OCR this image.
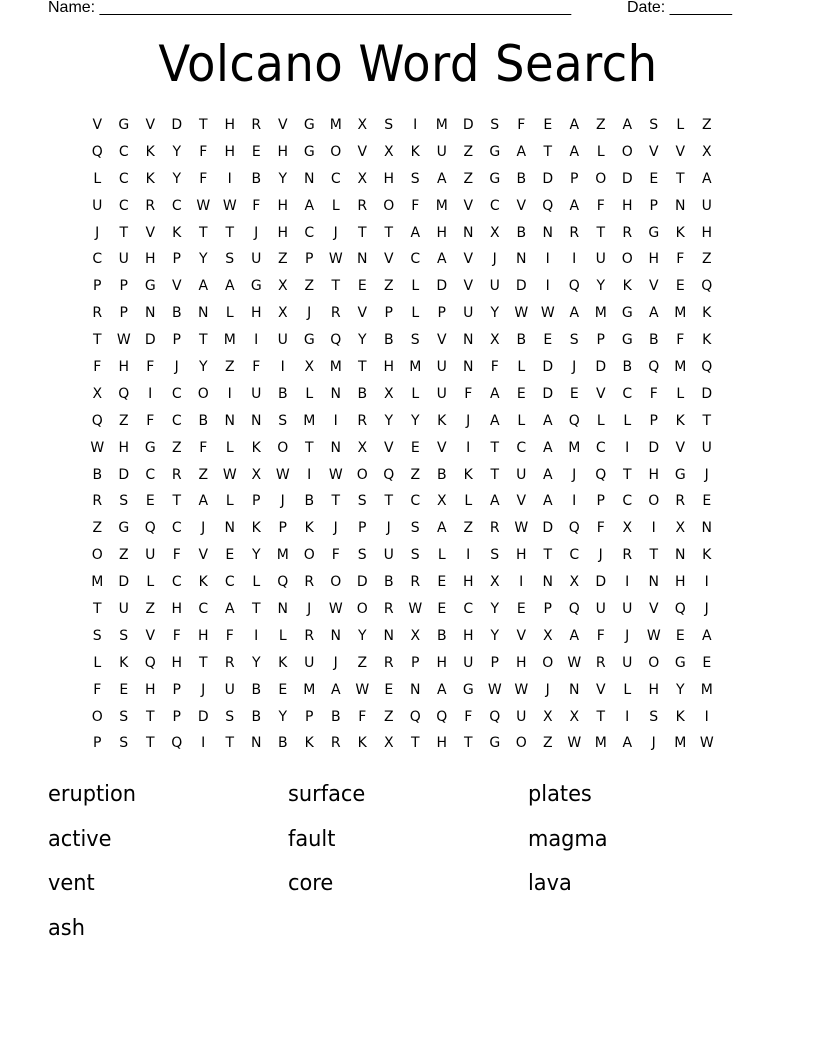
Name: _____________________________________________________	Date: _______
Volcano Word Search
V	G	V	D	T	H	R	V	G	M	X	S	I	M	D	S	F	E	A	Z	A	S	L	Z
Q	C	K	Y	F	H	E	H	G	O	V	X	K	U	Z	G	A	T	A	L	O	V	V	X
L	C	K	Y	F	I	B	Y	N	C	X	H	S	A	Z	G	B	D	P	O	D	E	T	A
U	C	R	C	W W	F	H	A	L	R	O	F	M	V	C	V	Q	A	F	H	P	N	U
J	T	V	K	T	T	J	H	C	J	T	T	A	H	N	X	B	N	R	T	R	G	K	H
C	U	H	P	Y	S	U	Z	P	W	N	V	C	A	V	J	N	I	I	U	O	H	F	Z
P	P	G	V	A	A	G	X	Z	T	E	Z	L	D	V	U	D	I	Q	Y	K	V	E	Q
R	P	N	B	N	L	H	X	J	R	V	P	L	P	U	Y	W W	A	M	G	A	M	K
T	W	D	P	T	M	I	U	G	Q	Y	B	S	V	N	X	B	E	S	P	G	B	F	K
F	H	F	J	Y	Z	F	I	X	M	T	H	M	U	N	F	L	D	J	D	B	Q	M	Q
X	Q	I	C	O	I	U	B	L	N	B	X	L	U	F	A	E	D	E	V	C	F	L	D
Q	Z	F	C	B	N	N	S	M	I	R	Y	Y	K	J	A	L	A	Q	L	L	P	K	T
W	H	G	Z	F	L	K	O	T	N	X	V	E	V	I	T	C	A	M	C	I	D	V	U
B	D	C	R	Z	W	X	W	I	W	O	Q	Z	B	K	T	U	A	J	Q	T	H	G	J
R	S	E	T	A	L	P	J	B	T	S	T	C	X	L	A	V	A	I	P	C	O	R	E
Z	G	Q	C	J	N	K	P	K	J	P	J	S	A	Z	R	W	D	Q	F	X	I	X	N
O	Z	U	F	V	E	Y	M	O	F	S	U	S	L	I	S	H	T	C	J	R	T	N	K
M	D	L	C	K	C	L	Q	R	O	D	B	R	E	H	X	I	N	X	D	I	N	H	I
T	U	Z	H	C	A	T	N	J	W	O	R	W	E	C	Y	E	P	Q	U	U	V	Q	J
S	S	V	F	H	F	I	L	R	N	Y	N	X	B	H	Y	V	X	A	F	J	W	E	A
L	K	Q	H	T	R	Y	K	U	J	Z	R	P	H	U	P	H	O	W	R	U	O	G	E
F	E	H	P	J	U	B	E	M	A	W	E	N	A	G	W W	J	N	V	L	H	Y	M
O	S	T	P	D	S	B	Y	P	B	F	Z	Q	Q	F	Q	U	X	X	T	I	S	K	I
P	S	T	Q	I	T	N	B	K	R	K	X	T	H	T	G	O	Z	W M	A	J	M W
eruption	surface	plates
active	fault	magma
vent	core	lava
ash
